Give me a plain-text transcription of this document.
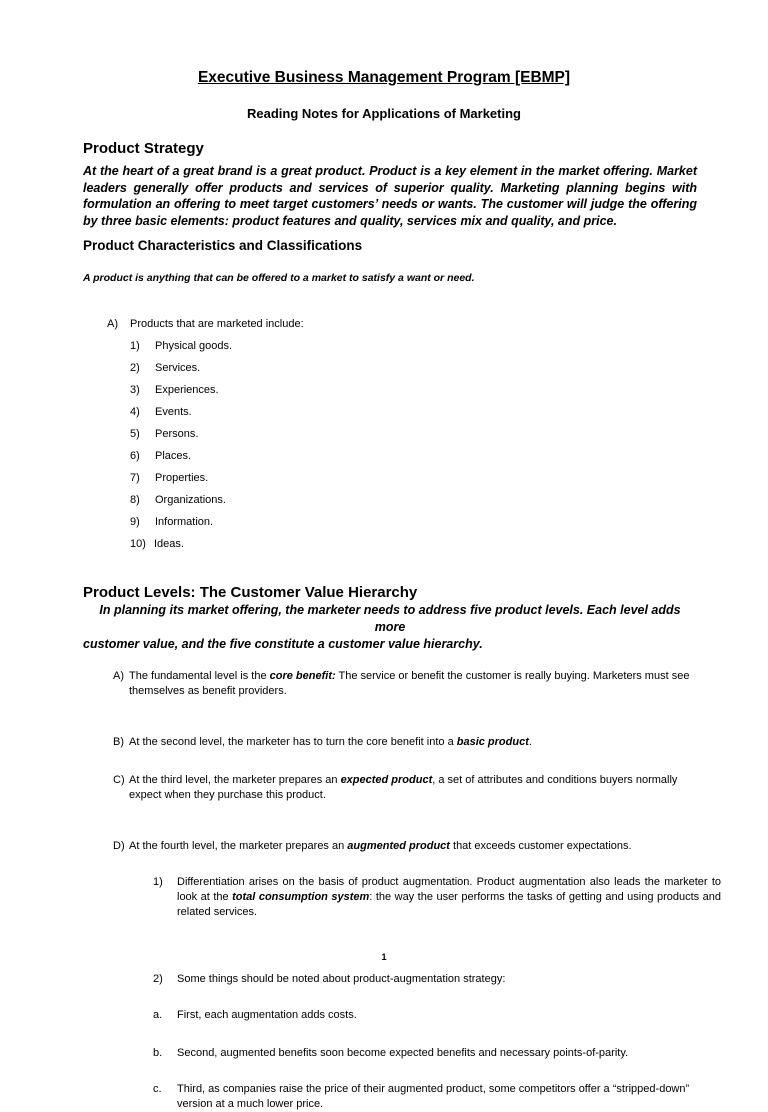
Executive Business Management Program [EBMP]
Reading Notes for Applications of Marketing
Product Strategy

At the heart of a great brand is a great product. Product is a key element in the market offering. Market leaders generally offer products and services of superior quality. Marketing planning begins with formulation an offering to meet target customers’ needs or wants. The customer will judge the offering by three basic elements: product features and quality, services mix and quality, and price.

Product Characteristics and Classifications
A product is anything that can be offered to a market to satisfy a want or need.
A) Products that are marketed include:
1)	Physical goods.
2)	Services.
3)	Experiences.
4)	Events.
5)	Persons.
6)	Places.
7)	Properties.
8)	Organizations.
9)	Information.
10) Ideas.
Product Levels: The Customer Value Hierarchy
In planning its market offering, the marketer needs to address five product levels. Each level adds
more
customer value, and the five constitute a customer value hierarchy.
A) The fundamental level is the core benefit: The service or benefit the customer is really buying. Marketers must see themselves as benefit providers.
B) At the second level, the marketer has to turn the core benefit into a basic product.
C) At the third level, the marketer prepares an expected product, a set of attributes and conditions buyers normally expect when they purchase this product.
D) At the fourth level, the marketer prepares an augmented product that exceeds customer expectations.
1) Differentiation arises on the basis of product augmentation. Product augmentation also leads the marketer to look at the total consumption system: the way the user performs the tasks of getting and using products and related services.
2) Some things should be noted about product-augmentation strategy:
a. First, each augmentation adds costs.
b. Second, augmented benefits soon become expected benefits and necessary points-of-parity.
c. Third, as companies raise the price of their augmented product, some competitors offer a “stripped-down” version at a much lower price.
1
